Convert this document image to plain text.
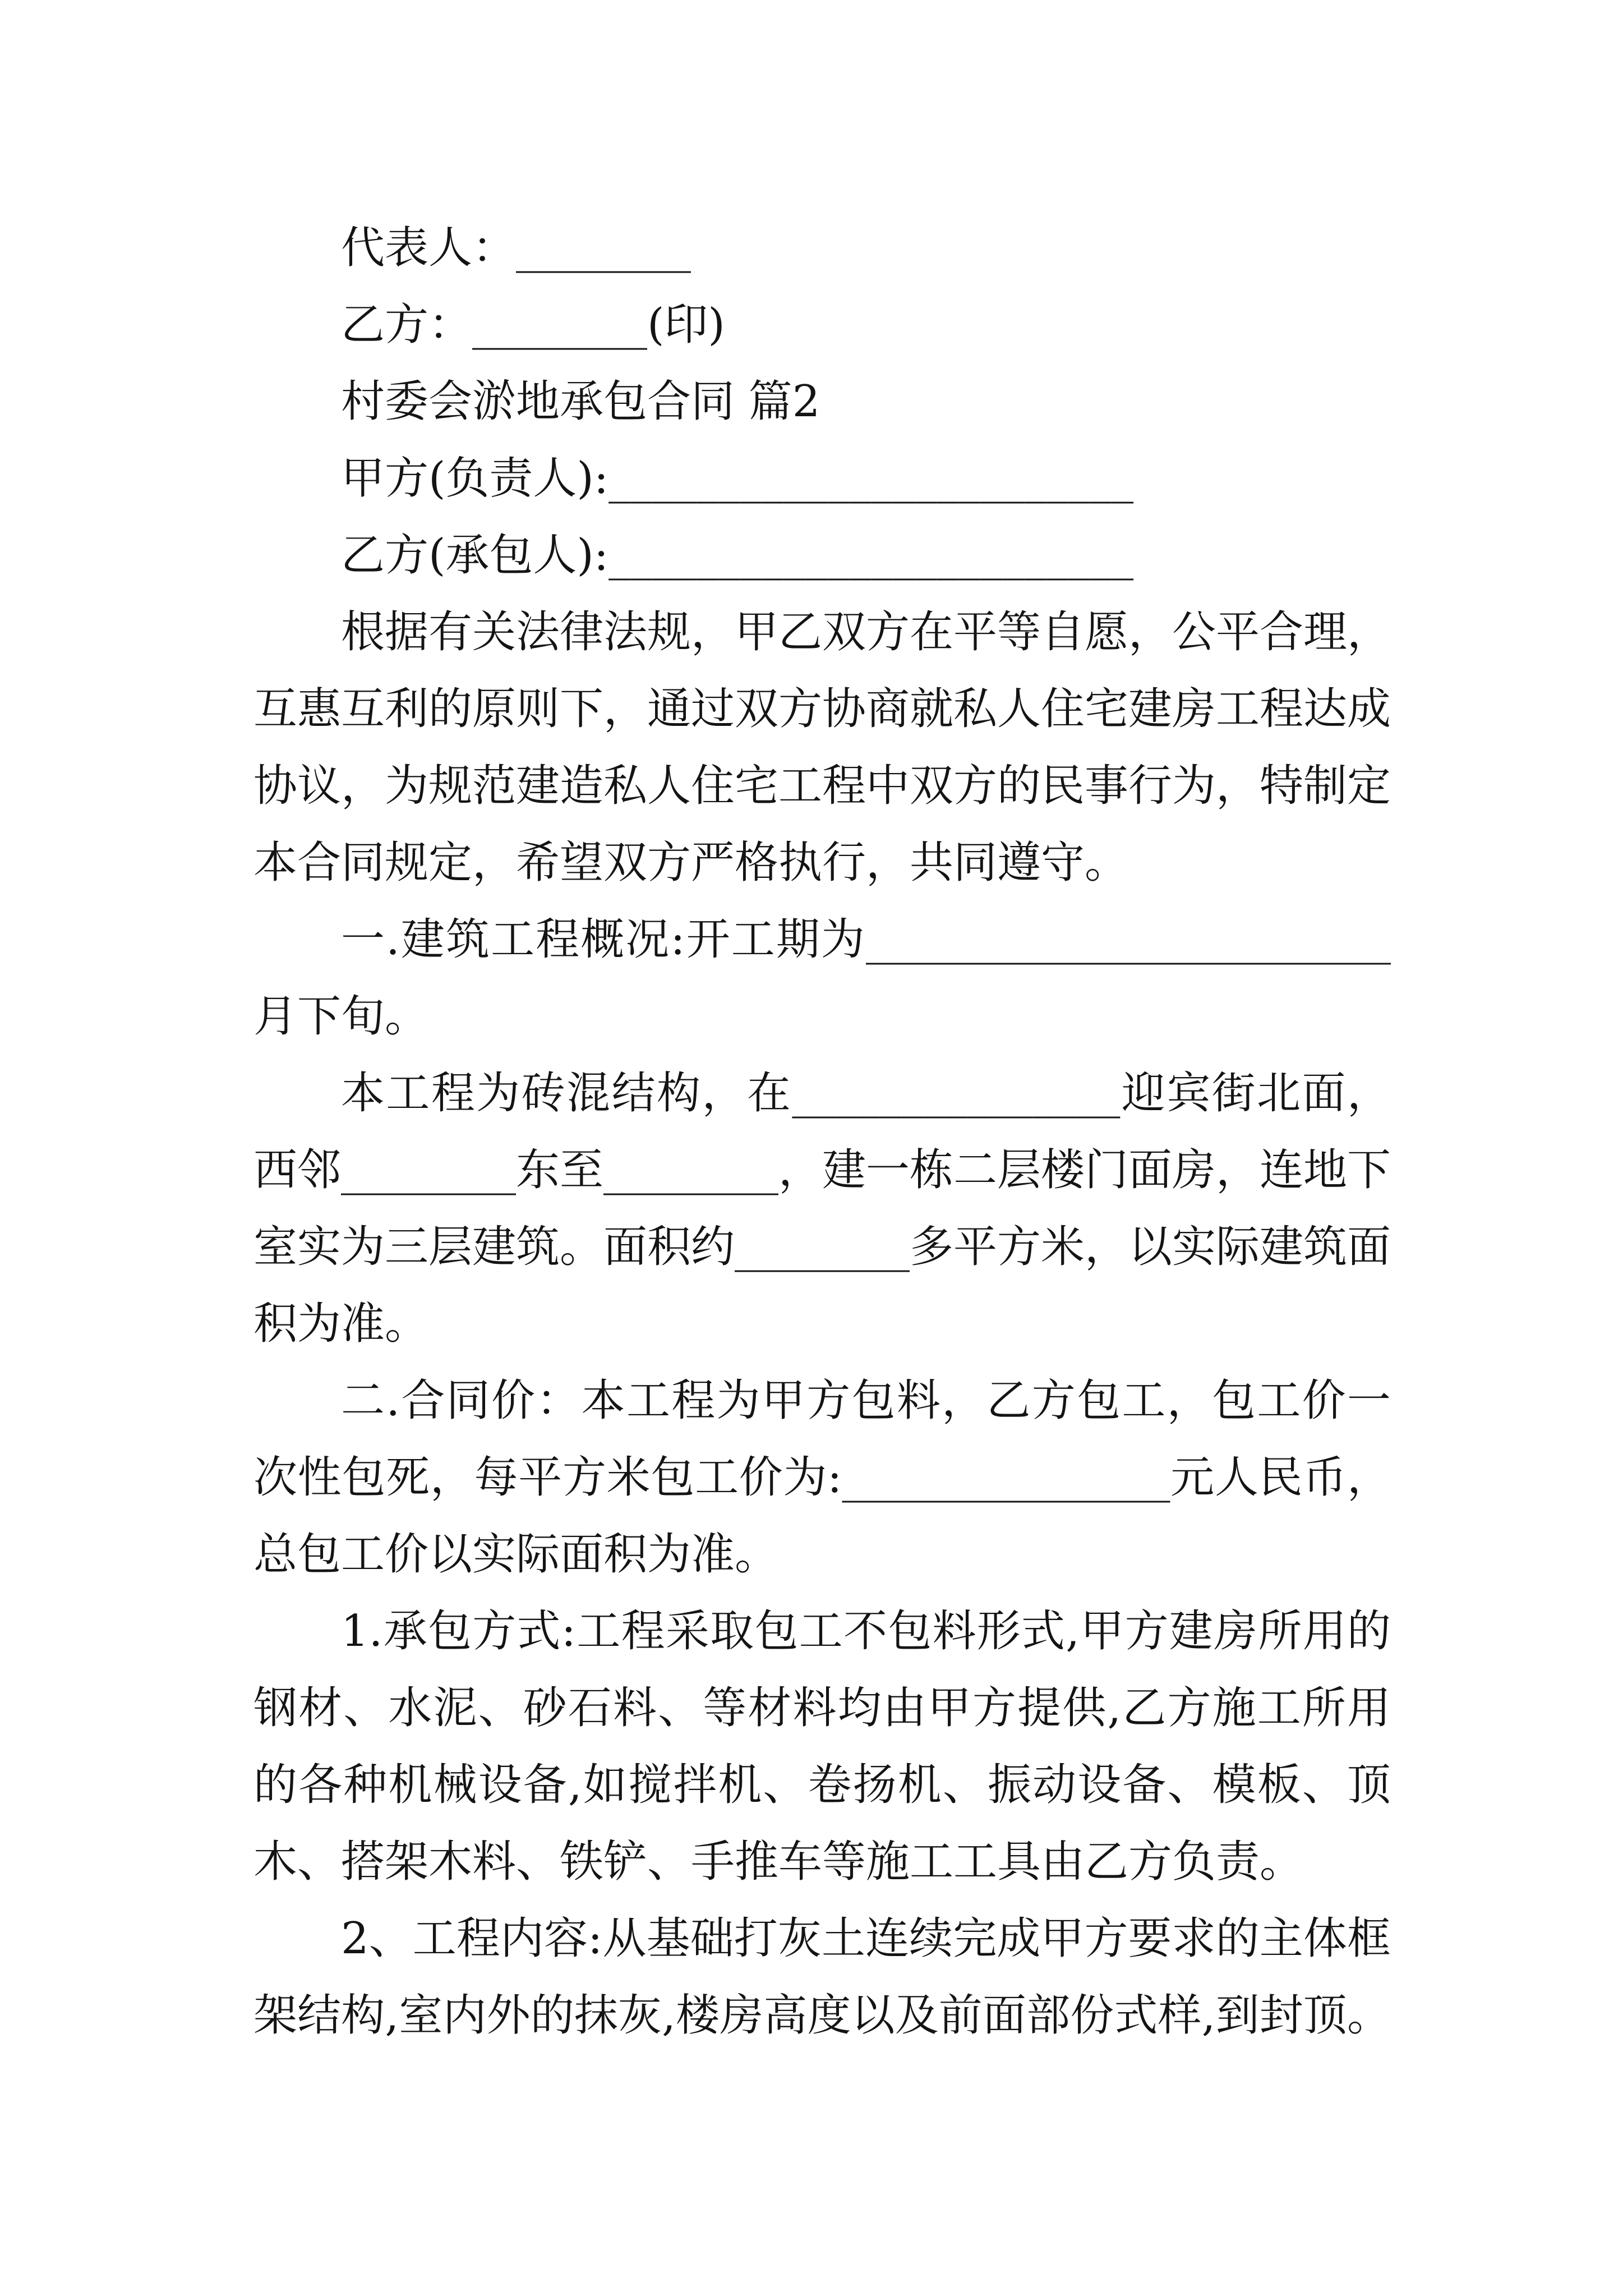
代表人：________
乙方：________(印)
村委会淤地承包合同 篇2
甲方(负责人):________________________
乙方(承包人):________________________
根据有关法律法规，甲乙双方在平等自愿，公平合理，
互惠互利的原则下，通过双方协商就私人住宅建房工程达成
协议，为规范建造私人住宅工程中双方的民事行为，特制定
本合同规定，希望双方严格执行，共同遵守。
一.建筑工程概况:开工期为________________________
月下旬。
本工程为砖混结构，在_______________迎宾街北面，
西邻________东至________，建一栋二层楼门面房，连地下
室实为三层建筑。面积约________多平方米，以实际建筑面
积为准。
二.合同价：本工程为甲方包料，乙方包工，包工价一
次性包死，每平方米包工价为:_______________元人民币，
总包工价以实际面积为准。
1.承包方式:工程采取包工不包料形式,甲方建房所用的
钢材、水泥、砂石料、等材料均由甲方提供,乙方施工所用
的各种机械设备,如搅拌机、卷扬机、振动设备、模板、顶
木、搭架木料、铁铲、手推车等施工工具由乙方负责。
2、工程内容:从基础打灰土连续完成甲方要求的主体框
架结构,室内外的抹灰,楼房高度以及前面部份式样,到封顶。
